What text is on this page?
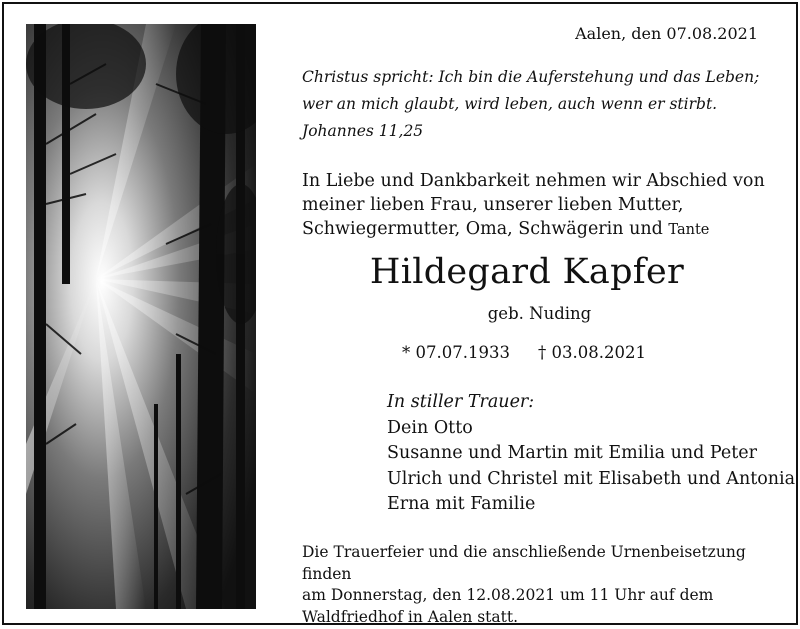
Aalen, den 07.08.2021
Christus spricht: Ich bin die Auferstehung und das Leben;
wer an mich glaubt, wird leben, auch wenn er stirbt.
Johannes 11,25
In Liebe und Dankbarkeit nehmen wir Abschied von
meiner lieben Frau, unserer lieben Mutter,
Schwiegermutter, Oma, Schwägerin und Tante
Hildegard Kapfer
geb. Nuding
* 07.07.1933 † 03.08.2021
In stiller Trauer:
Dein Otto
Susanne und Martin mit Emilia und Peter
Ulrich und Christel mit Elisabeth und Antonia
Erna mit Familie
Die Trauerfeier und die anschließende Urnenbeisetzung finden
am Donnerstag, den 12.08.2021 um 11 Uhr auf dem
Waldfriedhof in Aalen statt.
